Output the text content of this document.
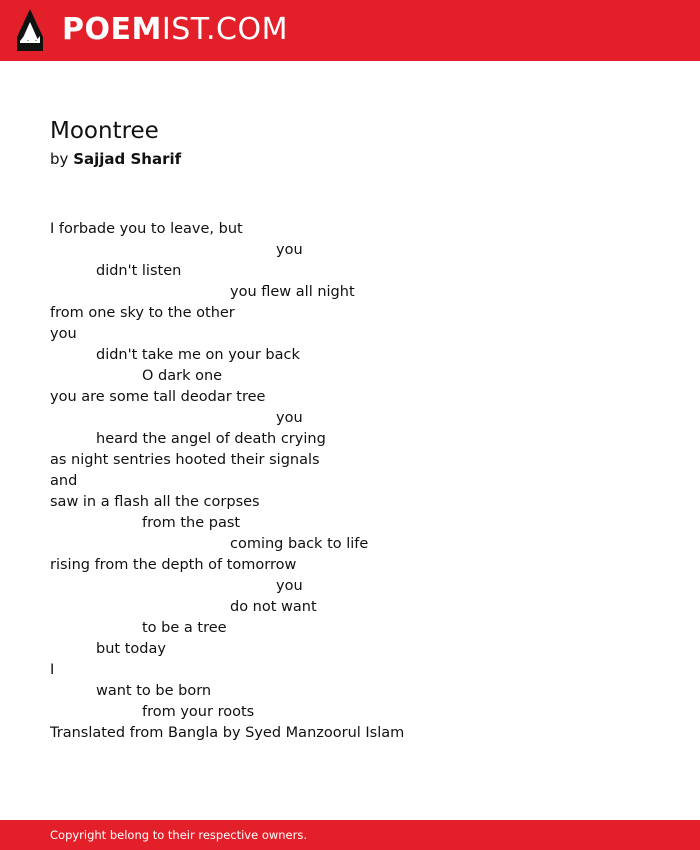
POEMIST.COM
Moontree
by Sajjad Sharif
I forbade you to leave, but
you
didn't listen
you flew all night
from one sky to the other
you
didn't take me on your back
O dark one
you are some tall deodar tree
you
heard the angel of death crying
as night sentries hooted their signals
and
saw in a flash all the corpses
from the past
coming back to life
rising from the depth of tomorrow
you
do not want
to be a tree
but today
I
want to be born
from your roots
Translated from Bangla by Syed Manzoorul Islam
Copyright belong to their respective owners.
